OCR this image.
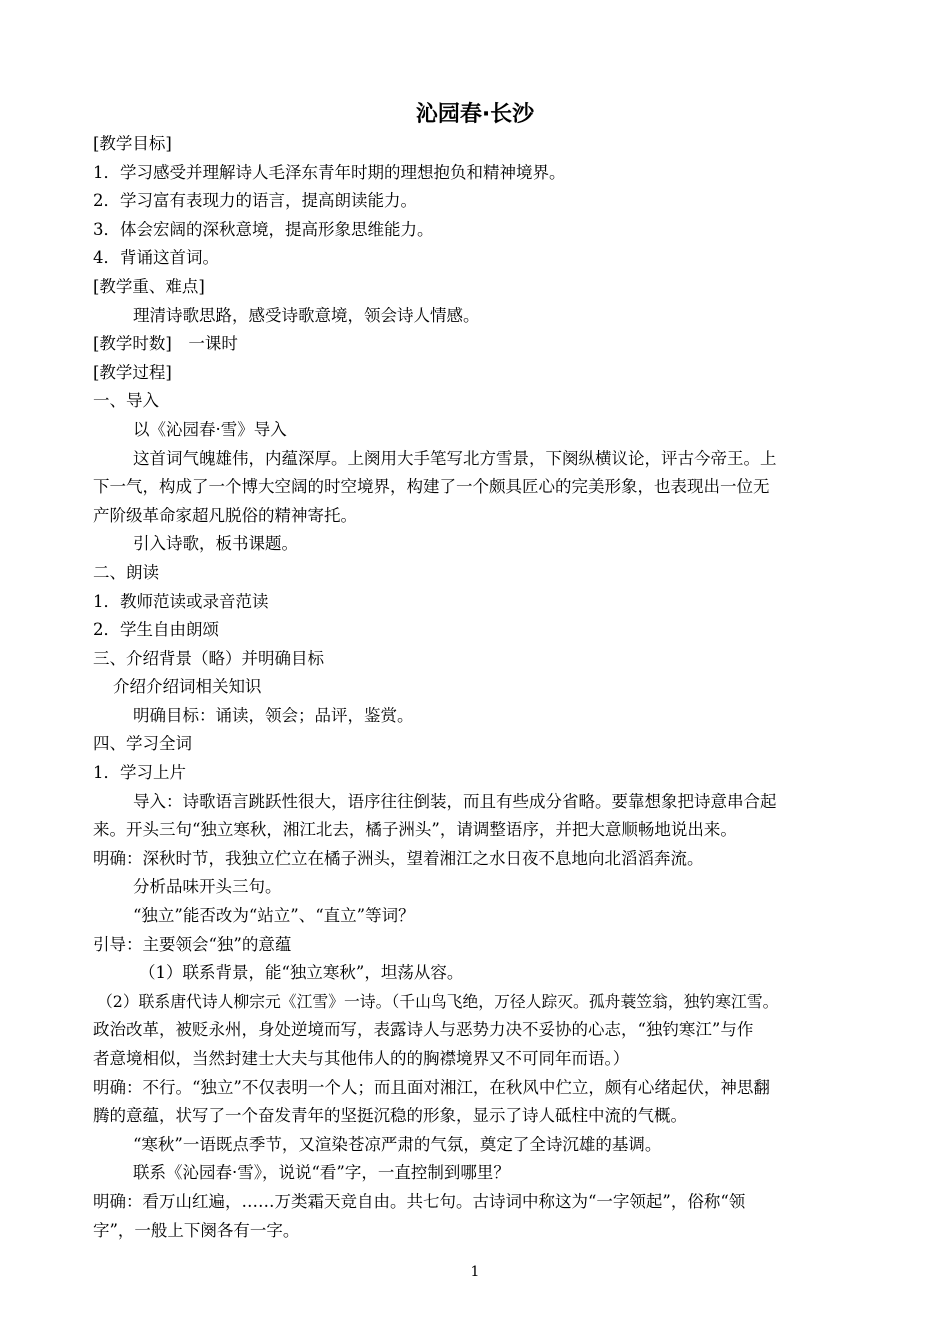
沁园春·长沙
[教学目标]
1．学习感受并理解诗人毛泽东青年时期的理想抱负和精神境界。
2．学习富有表现力的语言，提高朗读能力。
3．体会宏阔的深秋意境，提高形象思维能力。
4．背诵这首词。
[教学重、难点]
理清诗歌思路，感受诗歌意境，领会诗人情感。
[教学时数]　一课时
[教学过程]
一、导入
以《沁园春·雪》导入
这首词气魄雄伟，内蕴深厚。上阕用大手笔写北方雪景，下阕纵横议论，评古今帝王。上
下一气，构成了一个博大空阔的时空境界，构建了一个颇具匠心的完美形象，也表现出一位无
产阶级革命家超凡脱俗的精神寄托。
引入诗歌，板书课题。
二、朗读
1．教师范读或录音范读
2．学生自由朗颂
三、介绍背景（略）并明确目标
介绍介绍词相关知识
明确目标：诵读，领会；品评，鉴赏。
四、学习全词
1．学习上片
导入：诗歌语言跳跃性很大，语序往往倒装，而且有些成分省略。要靠想象把诗意串合起
来。开头三句“独立寒秋，湘江北去，橘子洲头”，请调整语序，并把大意顺畅地说出来。
明确：深秋时节，我独立伫立在橘子洲头，望着湘江之水日夜不息地向北滔滔奔流。
分析品味开头三句。
“独立”能否改为“站立”、“直立”等词？
引导：主要领会“独”的意蕴
（1）联系背景，能“独立寒秋”，坦荡从容。
（2）联系唐代诗人柳宗元《江雪》一诗。（千山鸟飞绝，万径人踪灭。孤舟蓑笠翁，独钓寒江雪。
政治改革，被贬永州，身处逆境而写，表露诗人与恶势力决不妥协的心志，“独钓寒江”与作
者意境相似，当然封建士大夫与其他伟人的的胸襟境界又不可同年而语。）
明确：不行。“独立”不仅表明一个人；而且面对湘江，在秋风中伫立，颇有心绪起伏，神思翻
腾的意蕴，状写了一个奋发青年的坚挺沉稳的形象，显示了诗人砥柱中流的气概。
“寒秋”一语既点季节，又渲染苍凉严肃的气氛，奠定了全诗沉雄的基调。
联系《沁园春·雪》，说说“看”字，一直控制到哪里？
明确：看万山红遍，……万类霜天竞自由。共七句。古诗词中称这为“一字领起”，俗称“领
字”，一般上下阕各有一字。
1
